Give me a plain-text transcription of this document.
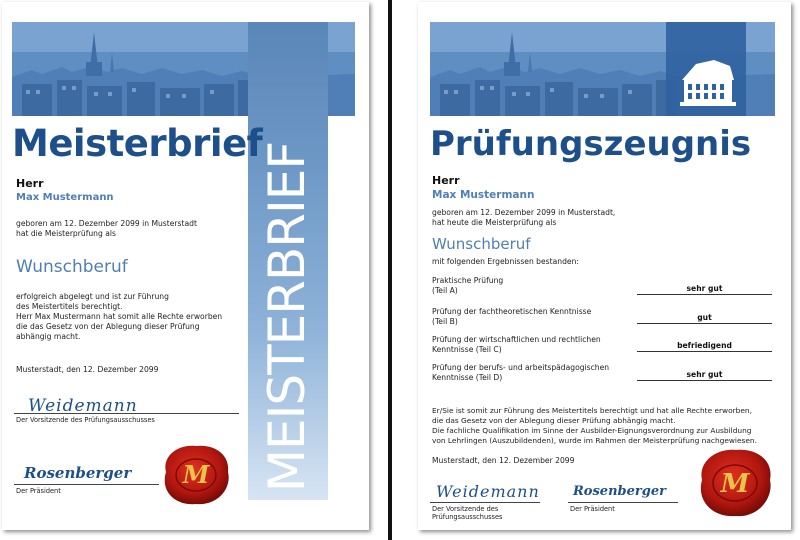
MEISTERBRIEF
Meisterbrief
Herr
Max Mustermann
geboren am 12. Dezember 2099 in Musterstadt
hat die Meisterprüfung als
Wunschberuf
erfolgreich abgelegt und ist zur Führung
des Meistertitels berechtigt.
Herr Max Mustermann hat somit alle Rechte erworben
die das Gesetz von der Ablegung dieser Prüfung
abhängig macht.
Musterstadt, den 12. Dezember 2099
Weidemann
Der Vorsitzende des Prüfungsausschusses
Rosenberger
Der Präsident
M
Prüfungszeugnis
Herr
Max Mustermann
geboren am 12. Dezember 2099 in Musterstadt,
hat heute die Meisterprüfung als
Wunschberuf
mit folgenden Ergebnissen bestanden:
Praktische Prüfung
(Teil A)	sehr gut
Prüfung der fachtheoretischen Kenntnisse
(Teil B)	gut
Prüfung der wirtschaftlichen und rechtlichen
Kenntnisse (Teil C)	befriedigend
Prüfung der berufs- und arbeitspädagogischen
Kenntnisse (Teil D)	sehr gut
Er/Sie ist somit zur Führung des Meistertitels berechtigt und hat alle Rechte erworben,
die das Gesetz von der Ablegung dieser Prüfung abhängig macht.
Die fachliche Qualifikation im Sinne der Ausbilder-Eignungsverordnung zur Ausbildung
von Lehrlingen (Auszubildenden), wurde im Rahmen der Meisterprüfung nachgewiesen.
Musterstadt, den 12. Dezember 2099
Weidemann
Der Vorsitzende des
Prüfungsausschusses
Rosenberger
Der Präsident
M
